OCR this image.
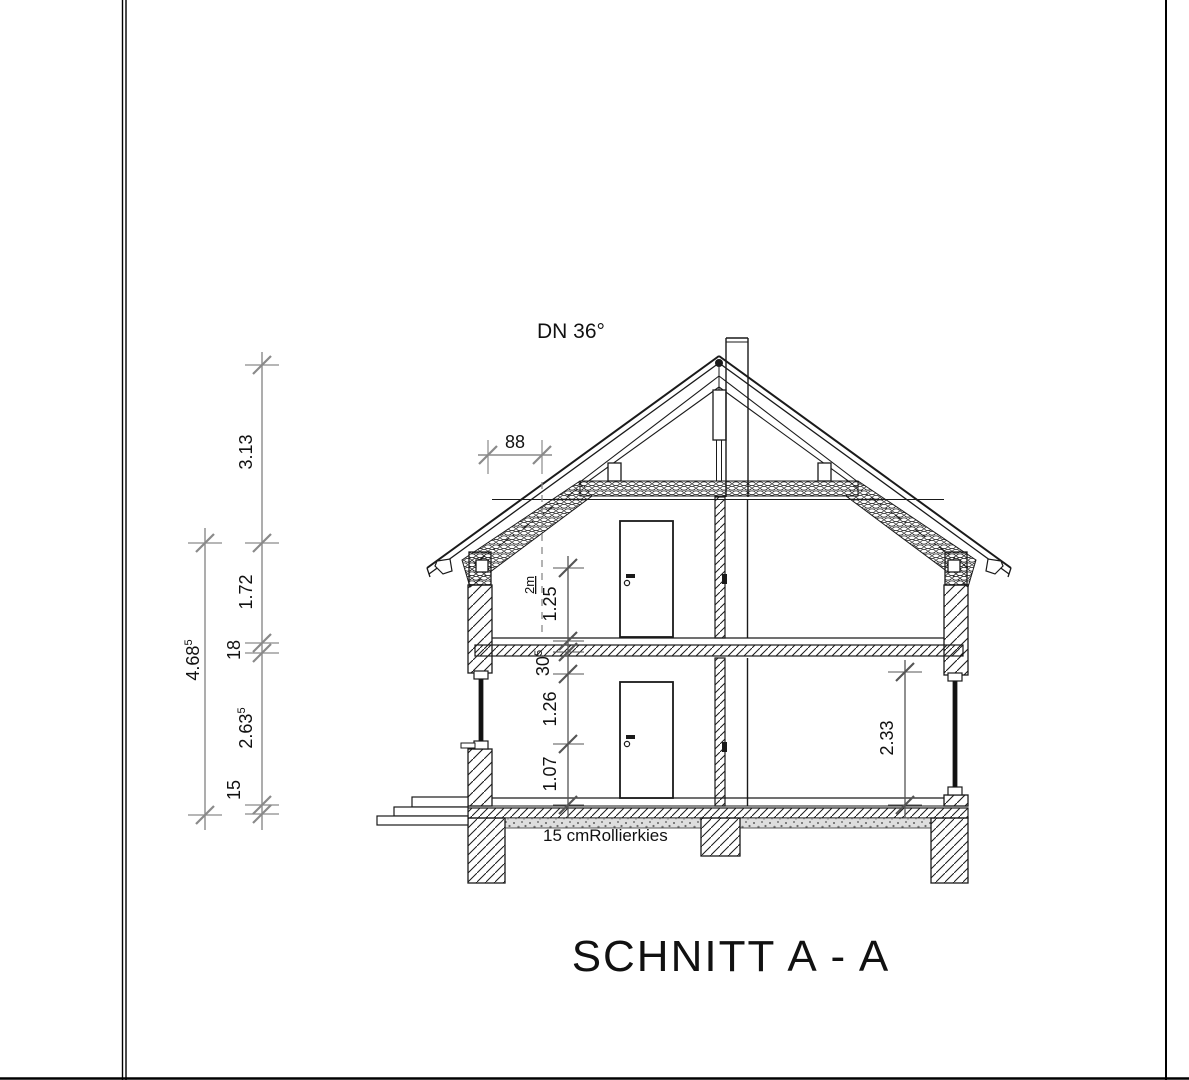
4.68$^5$
3.13
1.72
18
2.63$^5$
15
88
2m
1.25
$30^5$
1.26
1.07
2.33
DN 36°
15 cmRollierkies
SCHNITT A - A
